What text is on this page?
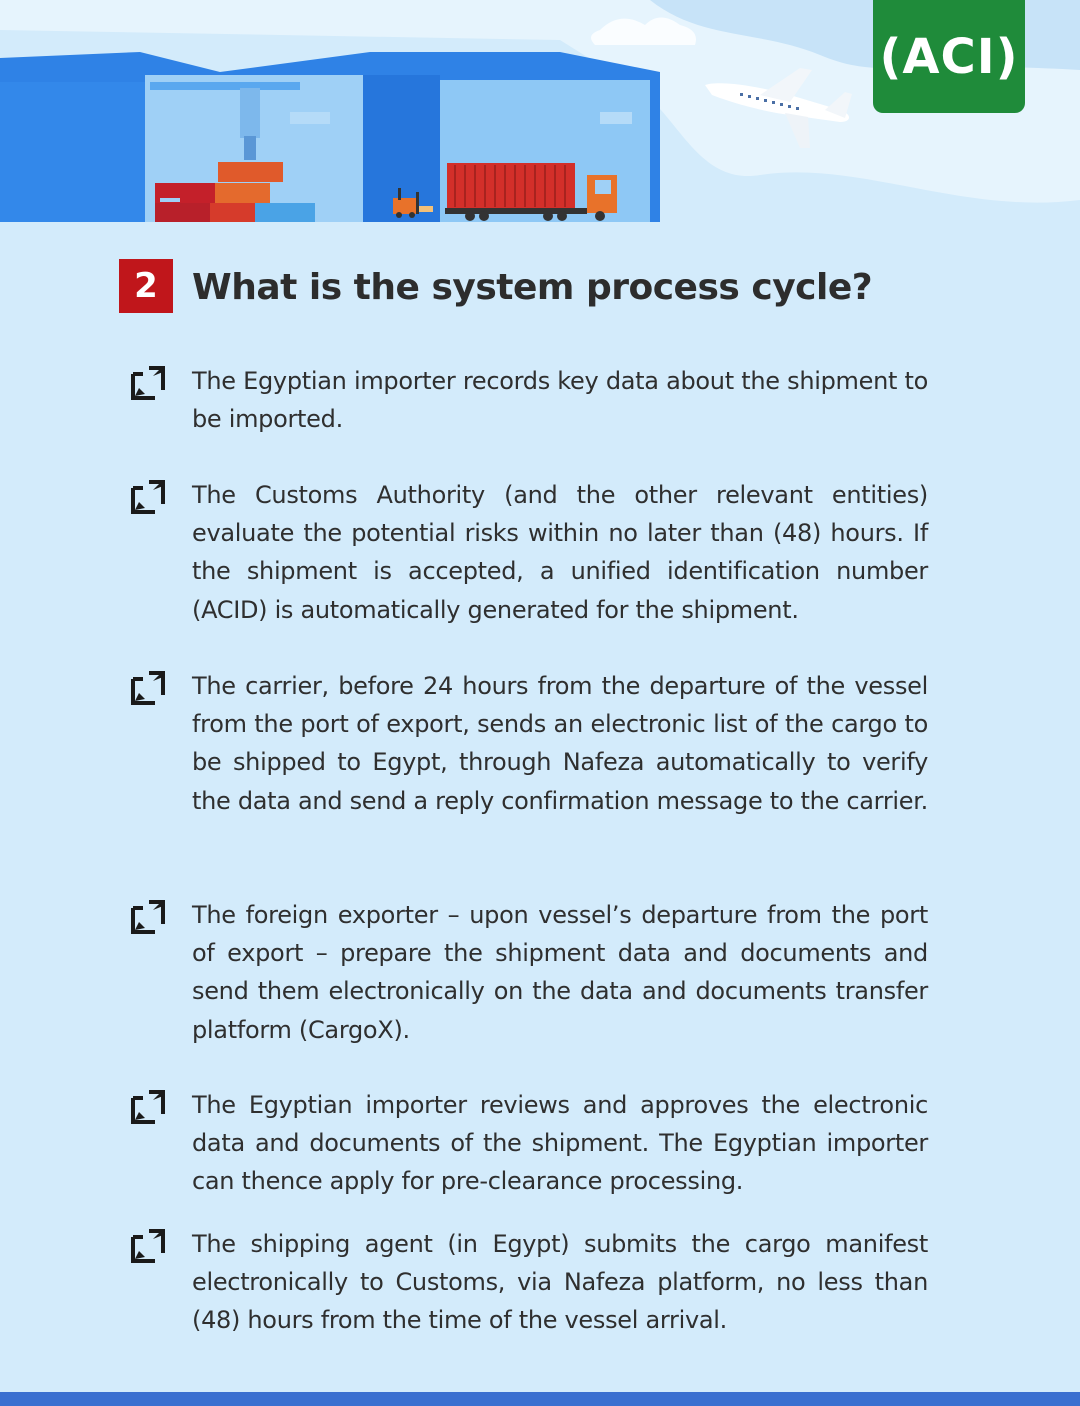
(ACI)
2 What is the system process cycle?

The Egyptian importer records key data about the shipment to be imported.

The Customs Authority (and the other relevant entities) evaluate the potential risks within no later than (48) hours. If the shipment is accepted, a unified identification number (ACID) is automatically generated for the shipment.

The carrier, before 24 hours from the departure of the vessel from the port of export, sends an electronic list of the cargo to be shipped to Egypt, through Nafeza automatically to verify the data and send a reply confirmation message to the carrier.

The foreign exporter – upon vessel’s departure from the port of export – prepare the shipment data and documents and send them electronically on the data and documents transfer platform (CargoX).

The Egyptian importer reviews and approves the electronic data and documents of the shipment. The Egyptian importer can thence apply for pre-clearance processing.

The shipping agent (in Egypt) submits the cargo manifest electronically to Customs, via Nafeza platform, no less than (48) hours from the time of the vessel arrival.
